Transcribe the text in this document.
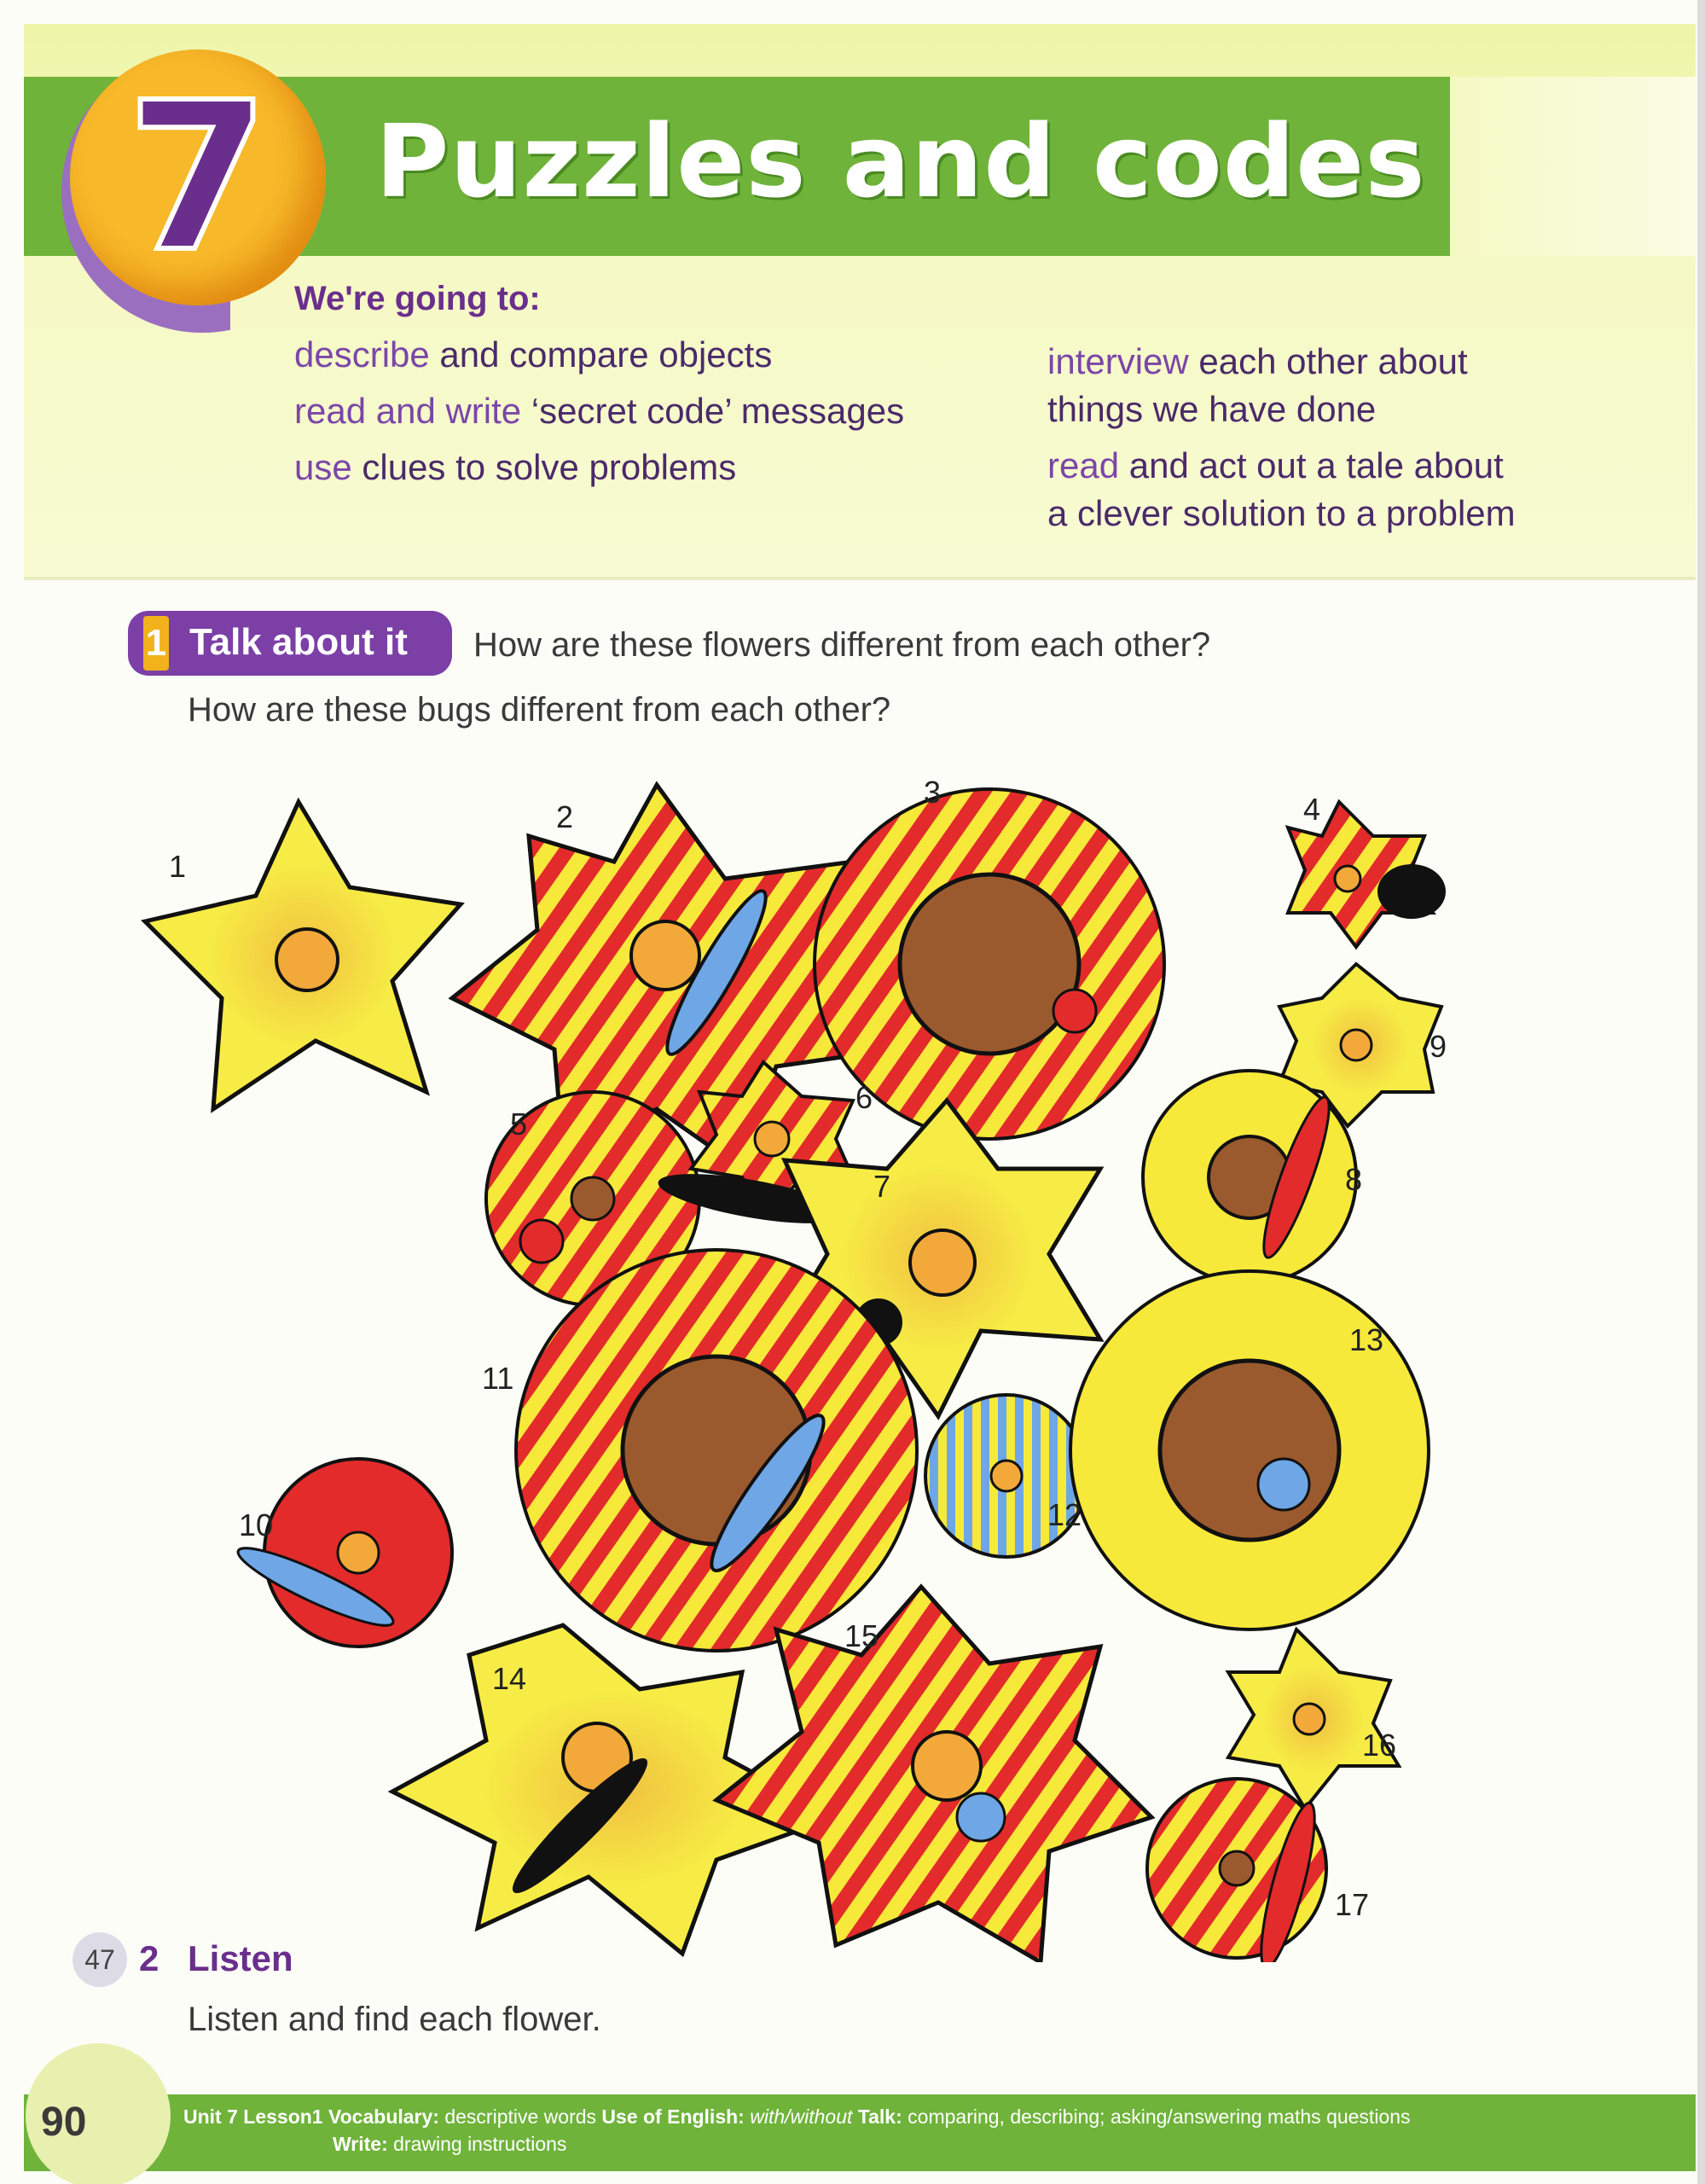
7	Puzzles and codes
We're going to:
describe and compare objects
read and write ‘secret code’ messages
use clues to solve problems
interview each other about
things we have done
read and act out a tale about
a clever solution to a problem
1 Talk about it How are these flowers different from each other?
How are these bugs different from each other?
1
2
3	4
5
6
7	8
9
10
11
12
13
14
15
16
17
47 2 Listen
Listen and find each flower.
90	Unit 7 Lesson1 Vocabulary: descriptive words Use of English: with/without Talk: comparing, describing; asking/answering maths questions
Write: drawing instructions
